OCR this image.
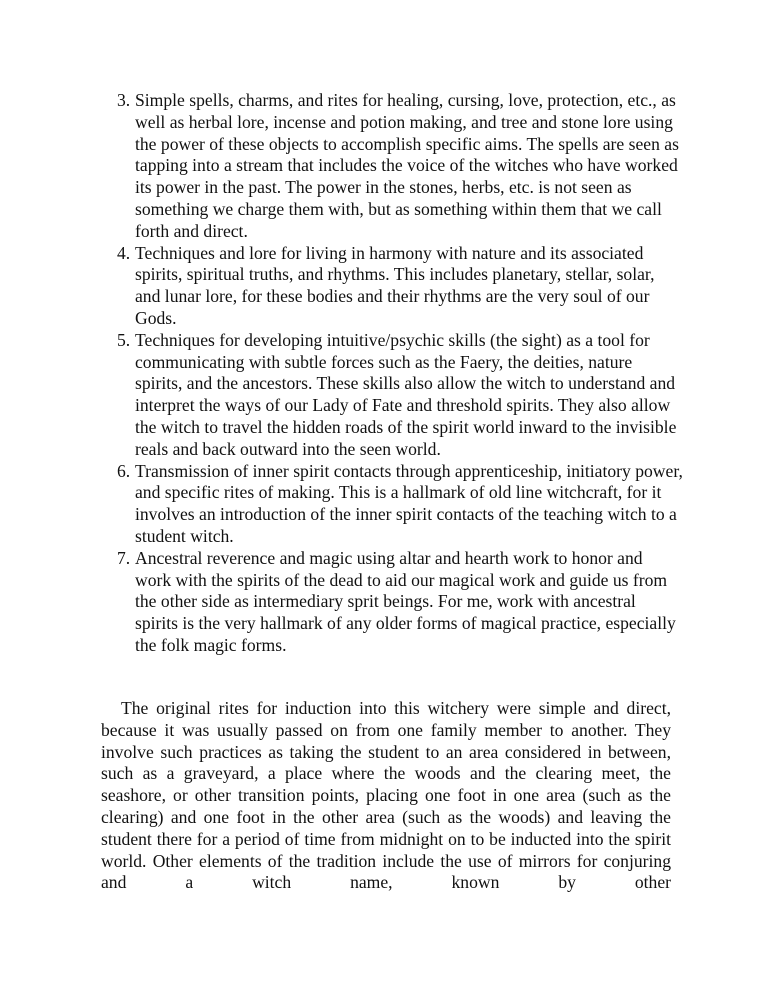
3. Simple spells, charms, and rites for healing, cursing, love, protection, etc., as well as herbal lore, incense and potion making, and tree and stone lore using the power of these objects to accomplish specific aims. The spells are seen as tapping into a stream that includes the voice of the witches who have worked its power in the past. The power in the stones, herbs, etc. is not seen as something we charge them with, but as something within them that we call forth and direct.
4. Techniques and lore for living in harmony with nature and its associated spirits, spiritual truths, and rhythms. This includes planetary, stellar, solar, and lunar lore, for these bodies and their rhythms are the very soul of our Gods.
5. Techniques for developing intuitive/psychic skills (the sight) as a tool for communicating with subtle forces such as the Faery, the deities, nature spirits, and the ancestors. These skills also allow the witch to understand and interpret the ways of our Lady of Fate and threshold spirits. They also allow the witch to travel the hidden roads of the spirit world inward to the invisible reals and back outward into the seen world.
6. Transmission of inner spirit contacts through apprenticeship, initiatory power, and specific rites of making. This is a hallmark of old line witchcraft, for it involves an introduction of the inner spirit contacts of the teaching witch to a student witch.
7. Ancestral reverence and magic using altar and hearth work to honor and work with the spirits of the dead to aid our magical work and guide us from the other side as intermediary sprit beings. For me, work with ancestral spirits is the very hallmark of any older forms of magical practice, especially the folk magic forms.

The original rites for induction into this witchery were simple and direct, because it was usually passed on from one family member to another. They involve such practices as taking the student to an area considered in between, such as a graveyard, a place where the woods and the clearing meet, the seashore, or other transition points, placing one foot in one area (such as the clearing) and one foot in the other area (such as the woods) and leaving the student there for a period of time from midnight on to be inducted into the spirit world. Other elements of the tradition include the use of mirrors for conjuring and a witch name, known by other
